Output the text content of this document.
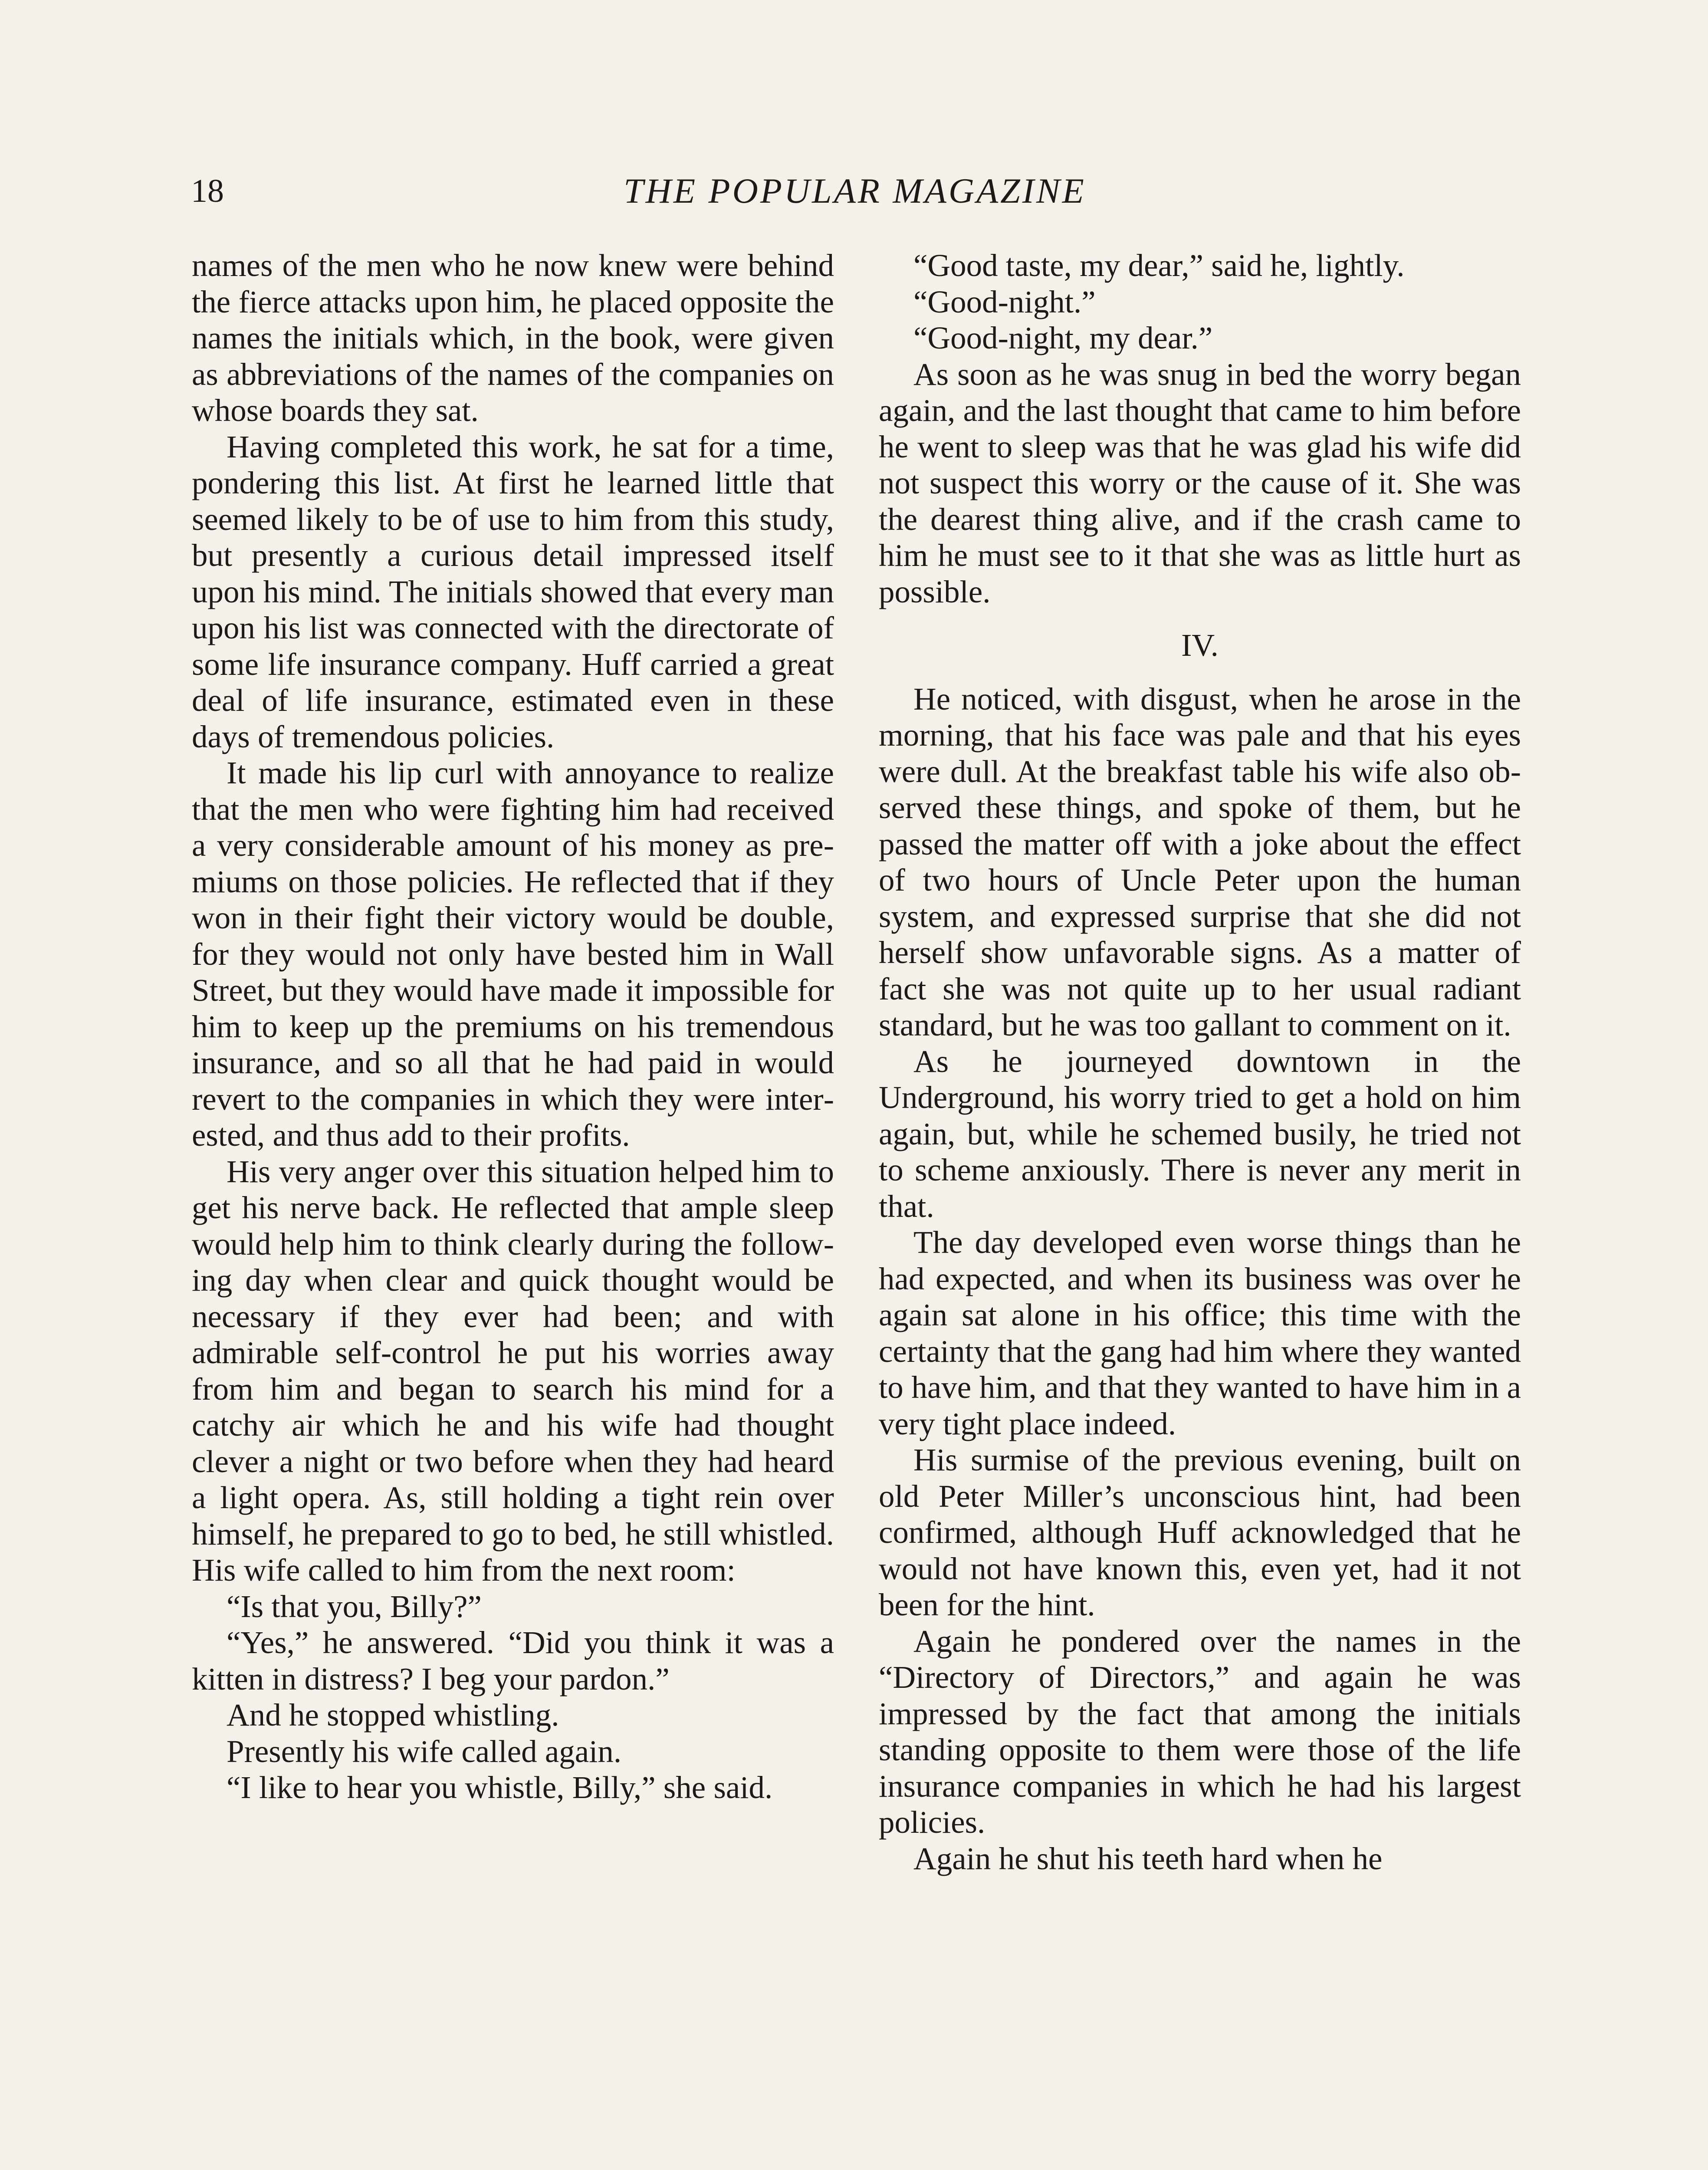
18	THE POPULAR MAGAZINE

names of the men who he now knew were behind the fierce attacks upon him, he placed opposite the names the initials which, in the book, were given as abbreviations of the names of the companies on whose boards they sat.

Having completed this work, he sat for a time, pondering this list. At first he learned little that seemed likely to be of use to him from this study, but presently a curious detail impressed itself upon his mind. The initials showed that every man upon his list was connected with the directorate of some life insurance company. Huff carried a great deal of life insurance, estimated even in these days of tremendous policies.

It made his lip curl with annoyance to realize that the men who were fighting him had received a very considerable amount of his money as premiums on those policies. He reflected that if they won in their fight their victory would be double, for they would not only have bested him in Wall Street, but they would have made it impossible for him to keep up the premiums on his tremendous insurance, and so all that he had paid in would revert to the companies in which they were interested, and thus add to their profits.

His very anger over this situation helped him to get his nerve back. He reflected that ample sleep would help him to think clearly during the following day when clear and quick thought would be necessary if they ever had been; and with admirable self-control he put his worries away from him and began to search his mind for a catchy air which he and his wife had thought clever a night or two before when they had heard a light opera. As, still holding a tight rein over himself, he prepared to go to bed, he still whistled. His wife called to him from the next room:

“Is that you, Billy?”

“Yes,” he answered. “Did you think it was a kitten in distress? I beg your pardon.”

And he stopped whistling.

Presently his wife called again.

“I like to hear you whistle, Billy,” she said.

“Good taste, my dear,” said he, lightly.

“Good-night.”

“Good-night, my dear.”

As soon as he was snug in bed the worry began again, and the last thought that came to him before he went to sleep was that he was glad his wife did not suspect this worry or the cause of it. She was the dearest thing alive, and if the crash came to him he must see to it that she was as little hurt as possible.

IV.

He noticed, with disgust, when he arose in the morning, that his face was pale and that his eyes were dull. At the breakfast table his wife also observed these things, and spoke of them, but he passed the matter off with a joke about the effect of two hours of Uncle Peter upon the human system, and expressed surprise that she did not herself show unfavorable signs. As a matter of fact she was not quite up to her usual radiant standard, but he was too gallant to comment on it.

As he journeyed downtown in the Underground, his worry tried to get a hold on him again, but, while he schemed busily, he tried not to scheme anxiously. There is never any merit in that.

The day developed even worse things than he had expected, and when its business was over he again sat alone in his office; this time with the certainty that the gang had him where they wanted to have him, and that they wanted to have him in a very tight place indeed.

His surmise of the previous evening, built on old Peter Miller’s unconscious hint, had been confirmed, although Huff acknowledged that he would not have known this, even yet, had it not been for the hint.

Again he pondered over the names in the “Directory of Directors,” and again he was impressed by the fact that among the initials standing opposite to them were those of the life insurance companies in which he had his largest policies.

Again he shut his teeth hard when he
